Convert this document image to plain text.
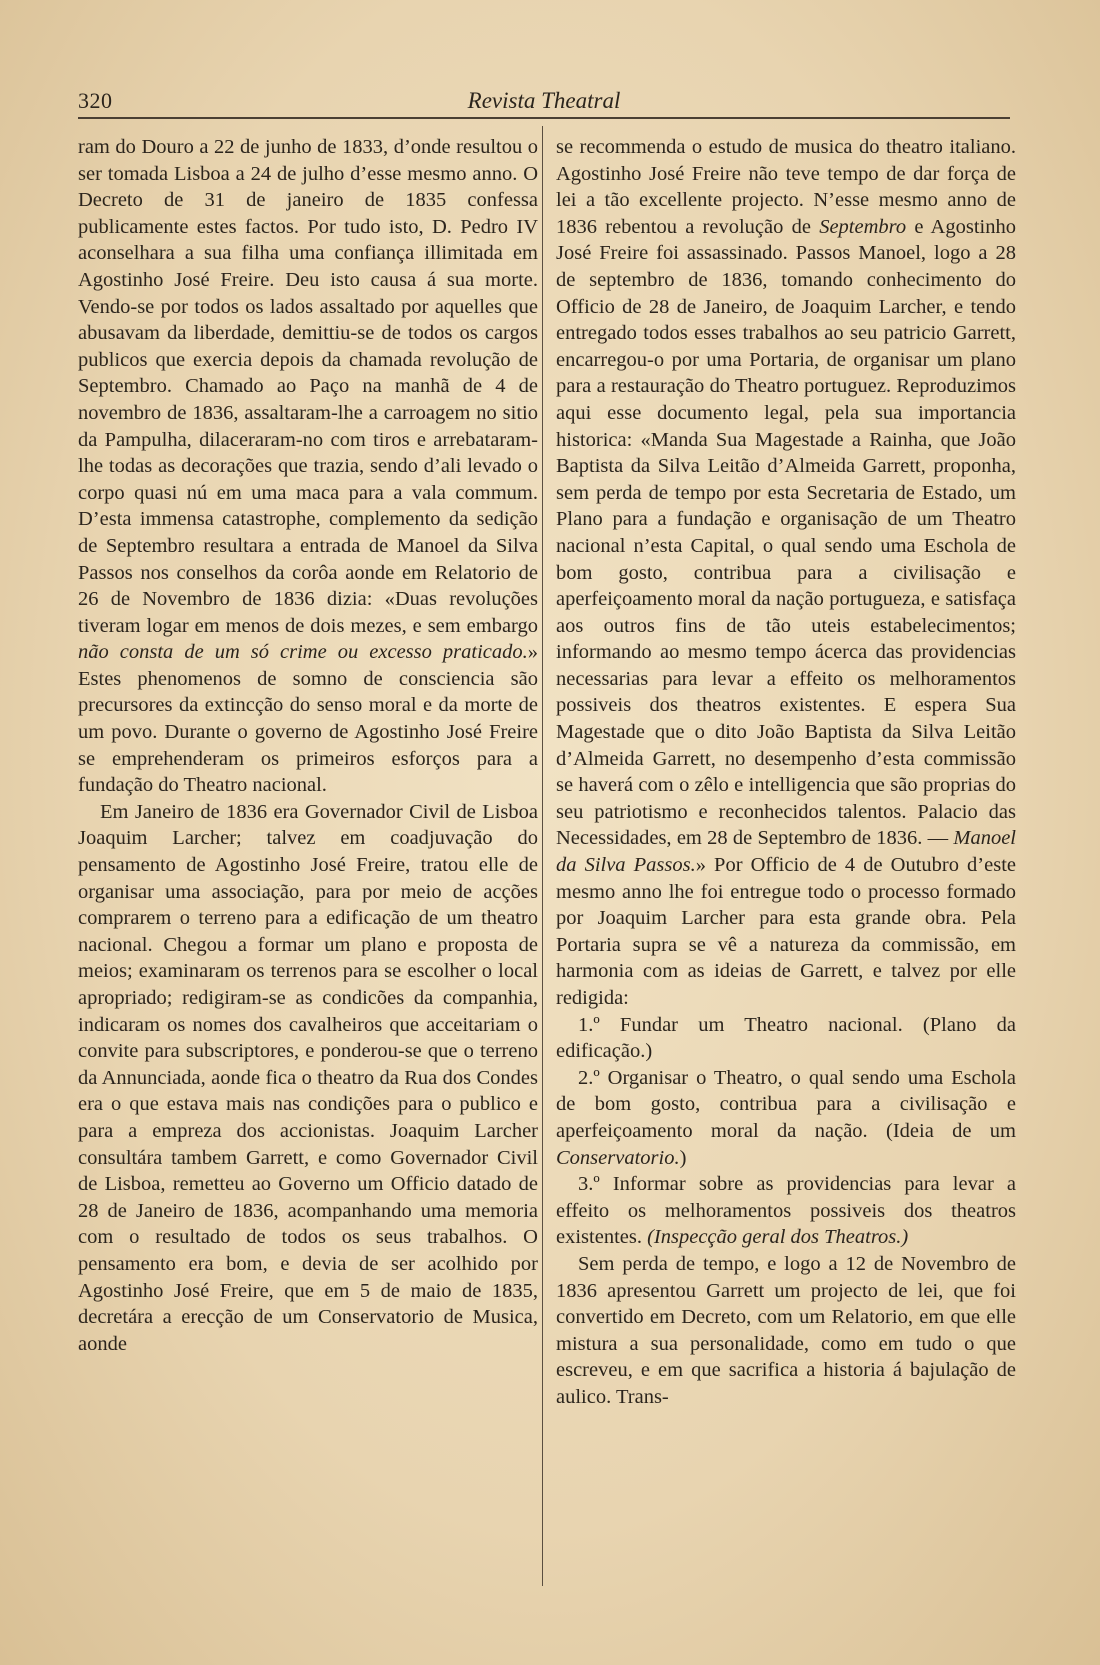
320	Revista Theatral

ram do Douro a 22 de junho de 1833, d’onde resultou o ser tomada Lisboa a 24 de julho d’esse mesmo anno. O Decreto de 31 de janeiro de 1835 confessa publicamente estes factos. Por tudo isto, D. Pedro IV aconselhara a sua filha uma confiança illimitada em Agostinho José Freire. Deu isto causa á sua morte. Vendo-se por todos os lados assaltado por aquelles que abusavam da liberdade, demittiu-se de todos os cargos publicos que exercia depois da chamada revolução de Septembro. Chamado ao Paço na manhã de 4 de novembro de 1836, assaltaram-lhe a carroagem no sitio da Pampulha, dilaceraram-no com tiros e arrebataram-lhe todas as decorações que trazia, sendo d’ali levado o corpo quasi nú em uma maca para a vala commum. D’esta immensa catastrophe, complemento da sedição de Septembro resultara a entrada de Manoel da Silva Passos nos conselhos da corôa aonde em Relatorio de 26 de Novembro de 1836 dizia: «Duas revoluções tiveram logar em menos de dois mezes, e sem embargo não consta de um só crime ou excesso praticado.» Estes phenomenos de somno de consciencia são precursores da extincção do senso moral e da morte de um povo. Durante o governo de Agostinho José Freire se emprehenderam os primeiros esforços para a fundação do Theatro nacional.

Em Janeiro de 1836 era Governador Civil de Lisboa Joaquim Larcher; talvez em coadjuvação do pensamento de Agostinho José Freire, tratou elle de organisar uma associação, para por meio de acções comprarem o terreno para a edificação de um theatro nacional. Chegou a formar um plano e proposta de meios; examinaram os terrenos para se escolher o local apropriado; redigiram-se as condicões da companhia, indicaram os nomes dos cavalheiros que acceitariam o convite para subscriptores, e ponderou-se que o terreno da Annunciada, aonde fica o theatro da Rua dos Condes era o que estava mais nas condições para o publico e para a empreza dos accionistas. Joaquim Larcher consultára tambem Garrett, e como Governador Civil de Lisboa, remetteu ao Governo um Officio datado de 28 de Janeiro de 1836, acompanhando uma memoria com o resultado de todos os seus trabalhos. O pensamento era bom, e devia de ser acolhido por Agostinho José Freire, que em 5 de maio de 1835, decretára a erecção de um Conservatorio de Musica, aonde

se recommenda o estudo de musica do theatro italiano. Agostinho José Freire não teve tempo de dar força de lei a tão excellente projecto. N’esse mesmo anno de 1836 rebentou a revolução de Septembro e Agostinho José Freire foi assassinado. Passos Manoel, logo a 28 de septembro de 1836, tomando conhecimento do Officio de 28 de Janeiro, de Joaquim Larcher, e tendo entregado todos esses trabalhos ao seu patricio Garrett, encarregou-o por uma Portaria, de organisar um plano para a restauração do Theatro portuguez. Reproduzimos aqui esse documento legal, pela sua importancia historica: «Manda Sua Magestade a Rainha, que João Baptista da Silva Leitão d’Almeida Garrett, proponha, sem perda de tempo por esta Secretaria de Estado, um Plano para a fundação e organisação de um Theatro nacional n’esta Capital, o qual sendo uma Eschola de bom gosto, contribua para a civilisação e aperfeiçoamento moral da nação portugueza, e satisfaça aos outros fins de tão uteis estabelecimentos; informando ao mesmo tempo ácerca das providencias necessarias para levar a effeito os melhoramentos possiveis dos theatros existentes. E espera Sua Magestade que o dito João Baptista da Silva Leitão d’Almeida Garrett, no desempenho d’esta commissão se haverá com o zêlo e intelligencia que são proprias do seu patriotismo e reconhecidos talentos. Palacio das Necessidades, em 28 de Septembro de 1836. — Manoel da Silva Passos.» Por Officio de 4 de Outubro d’este mesmo anno lhe foi entregue todo o processo formado por Joaquim Larcher para esta grande obra. Pela Portaria supra se vê a natureza da commissão, em harmonia com as ideias de Garrett, e talvez por elle redigida:

1.º Fundar um Theatro nacional. (Plano da edificação.)

2.º Organisar o Theatro, o qual sendo uma Eschola de bom gosto, contribua para a civilisação e aperfeiçoamento moral da nação. (Ideia de um Conservatorio.)

3.º Informar sobre as providencias para levar a effeito os melhoramentos possiveis dos theatros existentes. (Inspecção geral dos Theatros.)

Sem perda de tempo, e logo a 12 de Novembro de 1836 apresentou Garrett um projecto de lei, que foi convertido em Decreto, com um Relatorio, em que elle mistura a sua personalidade, como em tudo o que escreveu, e em que sacrifica a historia á bajulação de aulico. Trans-
